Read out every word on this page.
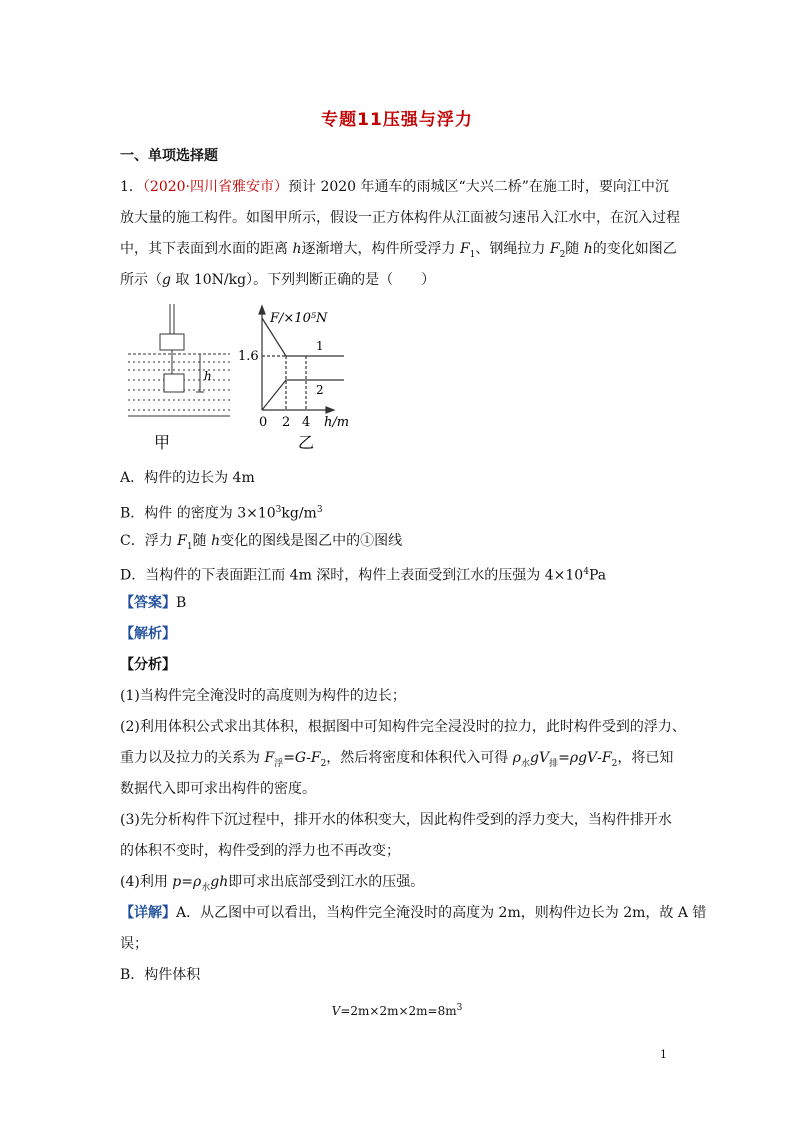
专题11压强与浮力
一、单项选择题
1．（2020·四川省雅安市）预计 2020 年通车的雨城区“大兴二桥”在施工时，要向江中沉
放大量的施工构件。如图甲所示，假设一正方体构件从江面被匀速吊入江水中，在沉入过程
中，其下表面到水面的距离 h逐渐增大，构件所受浮力 $F_1$、钢绳拉力 $F_2$随 h的变化如图乙
所示（g 取 10N/kg）。下列判断正确的是（　　）
h
甲
F/×10⁵N
1.6
0 2 4 h/m
1
2
乙
A．构件的边长为 4m
B．构件 的密度为 $3\times 10^3kg/m^3$
C．浮力 $F_1$随 h变化的图线是图乙中的①图线
D．当构件的下表面距江而 4m 深时，构件上表面受到江水的压强为 $4\times 10^4Pa$
【答案】B
【解析】
【分析】
(1)当构件完全淹没时的高度则为构件的边长；
(2)利用体积公式求出其体积，根据图中可知构件完全浸没时的拉力，此时构件受到的浮力、
重力以及拉力的关系为 $F_浮=G-F_2$，然后将密度和体积代入可得 $\rho_水gV_排=\rho gV-F_2$，将已知
数据代入即可求出构件的密度。
(3)先分析构件下沉过程中，排开水的体积变大，因此构件受到的浮力变大，当构件排开水
的体积不变时，构件受到的浮力也不再改变；
(4)利用 $p=\rho_水gh$即可求出底部受到江水的压强。
【详解】A．从乙图中可以看出，当构件完全淹没时的高度为 2m，则构件边长为 2m，故 A 错
误；
B．构件体积
$V=2m\times 2m\times 2m=8m^3$
1
